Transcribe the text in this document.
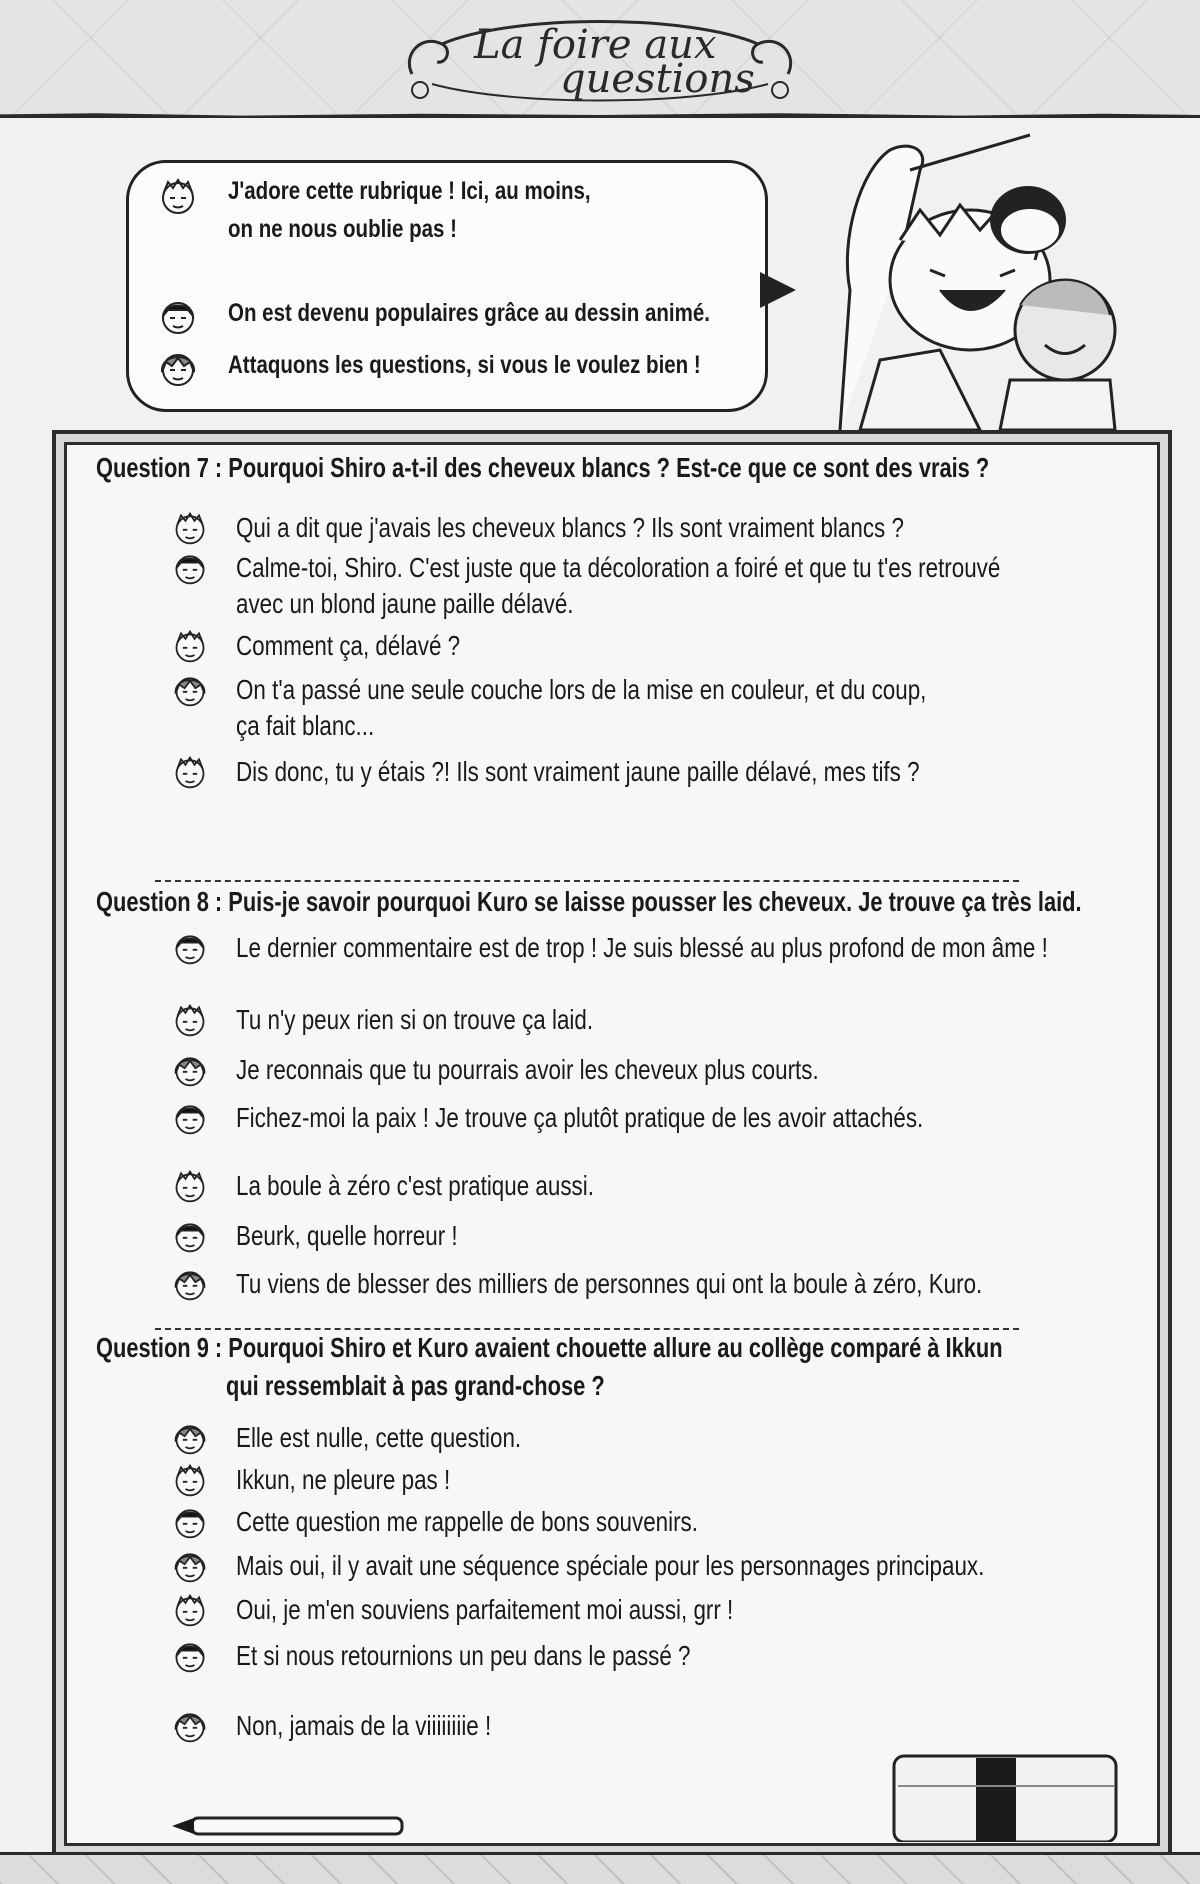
La foire aux
questions
J'adore cette rubrique ! Ici, au moins,
on ne nous oublie pas !
On est devenu populaires grâce au dessin animé.
Attaquons les questions, si vous le voulez bien !
Question 7 : Pourquoi Shiro a-t-il des cheveux blancs ? Est-ce que ce sont des vrais ?
Qui a dit que j'avais les cheveux blancs ? Ils sont vraiment blancs ?
Calme-toi, Shiro. C'est juste que ta décoloration a foiré et que tu t'es retrouvé
avec un blond jaune paille délavé.
Comment ça, délavé ?
On t'a passé une seule couche lors de la mise en couleur, et du coup,
ça fait blanc...
Dis donc, tu y étais ?! Ils sont vraiment jaune paille délavé, mes tifs ?
Question 8 : Puis-je savoir pourquoi Kuro se laisse pousser les cheveux. Je trouve ça très laid.
Le dernier commentaire est de trop ! Je suis blessé au plus profond de mon âme !
Tu n'y peux rien si on trouve ça laid.
Je reconnais que tu pourrais avoir les cheveux plus courts.
Fichez-moi la paix ! Je trouve ça plutôt pratique de les avoir attachés.
La boule à zéro c'est pratique aussi.
Beurk, quelle horreur !
Tu viens de blesser des milliers de personnes qui ont la boule à zéro, Kuro.
Question 9 : Pourquoi Shiro et Kuro avaient chouette allure au collège comparé à Ikkun
qui ressemblait à pas grand-chose ?
Elle est nulle, cette question.
Ikkun, ne pleure pas !
Cette question me rappelle de bons souvenirs.
Mais oui, il y avait une séquence spéciale pour les personnages principaux.
Oui, je m'en souviens parfaitement moi aussi, grr !
Et si nous retournions un peu dans le passé ?
Non, jamais de la viiiiiiiie !
